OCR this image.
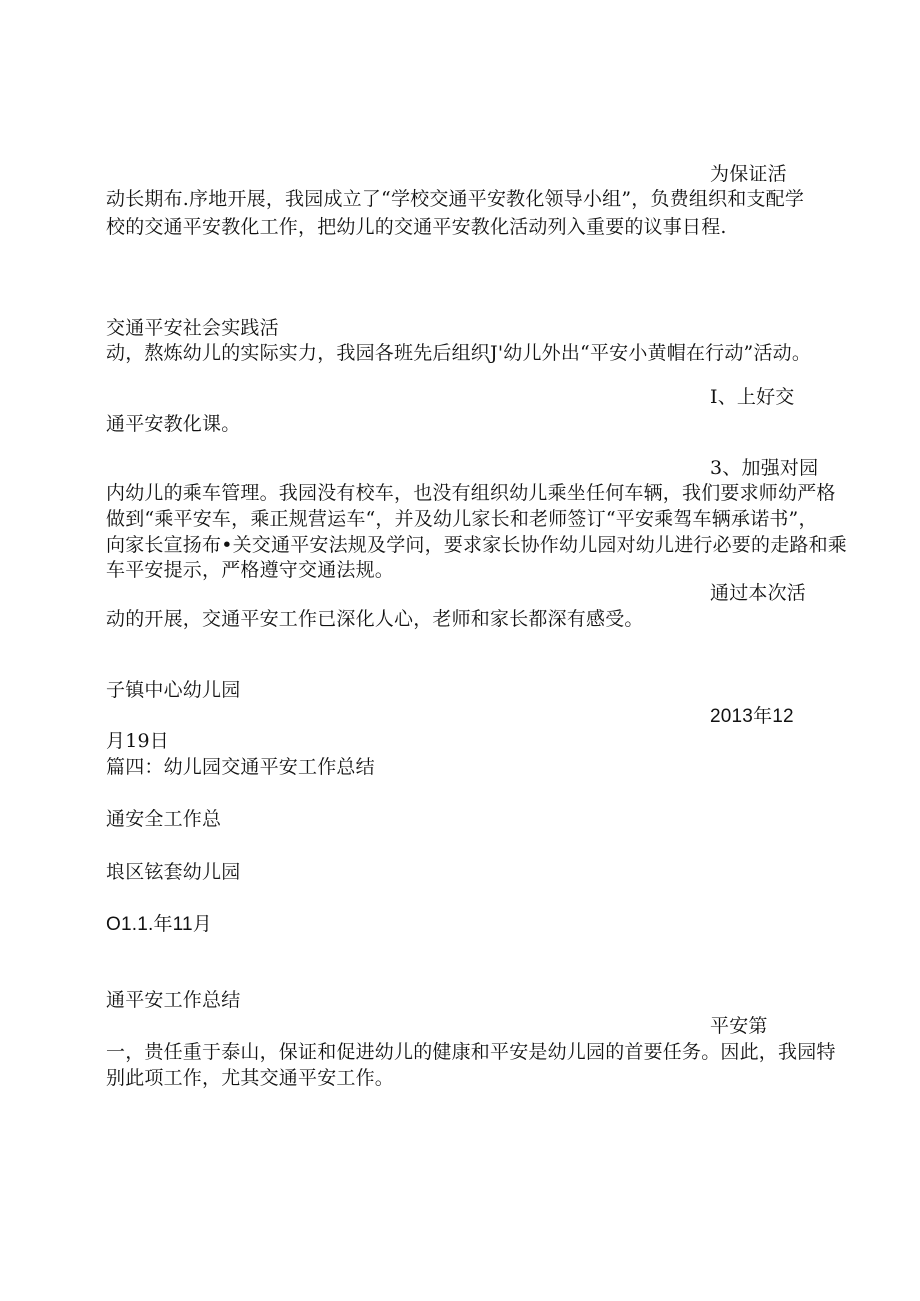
为保证活
动长期布.序地开展，我园成立了“学校交通平安教化领导小组”，负费组织和支配学
校的交通平安教化工作，把幼儿的交通平安教化活动列入重要的议事日程.
交通平安社会实践活
动，熬炼幼儿的实际实力，我园各班先后组织J'幼儿外出“平安小黄帽在行动”活动。
I、上好交
通平安教化课。
3、加强对园
内幼儿的乘车管理。我园没有校车，也没有组织幼儿乘坐任何车辆，我们要求师幼严格
做到“乘平安车，乘正规营运车“，并及幼儿家长和老师签订“平安乘驾车辆承诺书”，
向家长宣扬布•关交通平安法规及学问，要求家长协作幼儿园对幼儿进行必要的走路和乘
车平安提示，严格遵守交通法规。
通过本次活
动的开展，交通平安工作已深化人心，老师和家长都深有感受。
子镇中心幼儿园
2013年12
月19日
篇四：幼儿园交通平安工作总结
通安全工作总
埌区铉套幼儿园
O1.1.年11月
通平安工作总结
平安第
一，贵任重于泰山，保证和促进幼儿的健康和平安是幼儿园的首要任务。因此，我园特
别此项工作，尤其交通平安工作。
